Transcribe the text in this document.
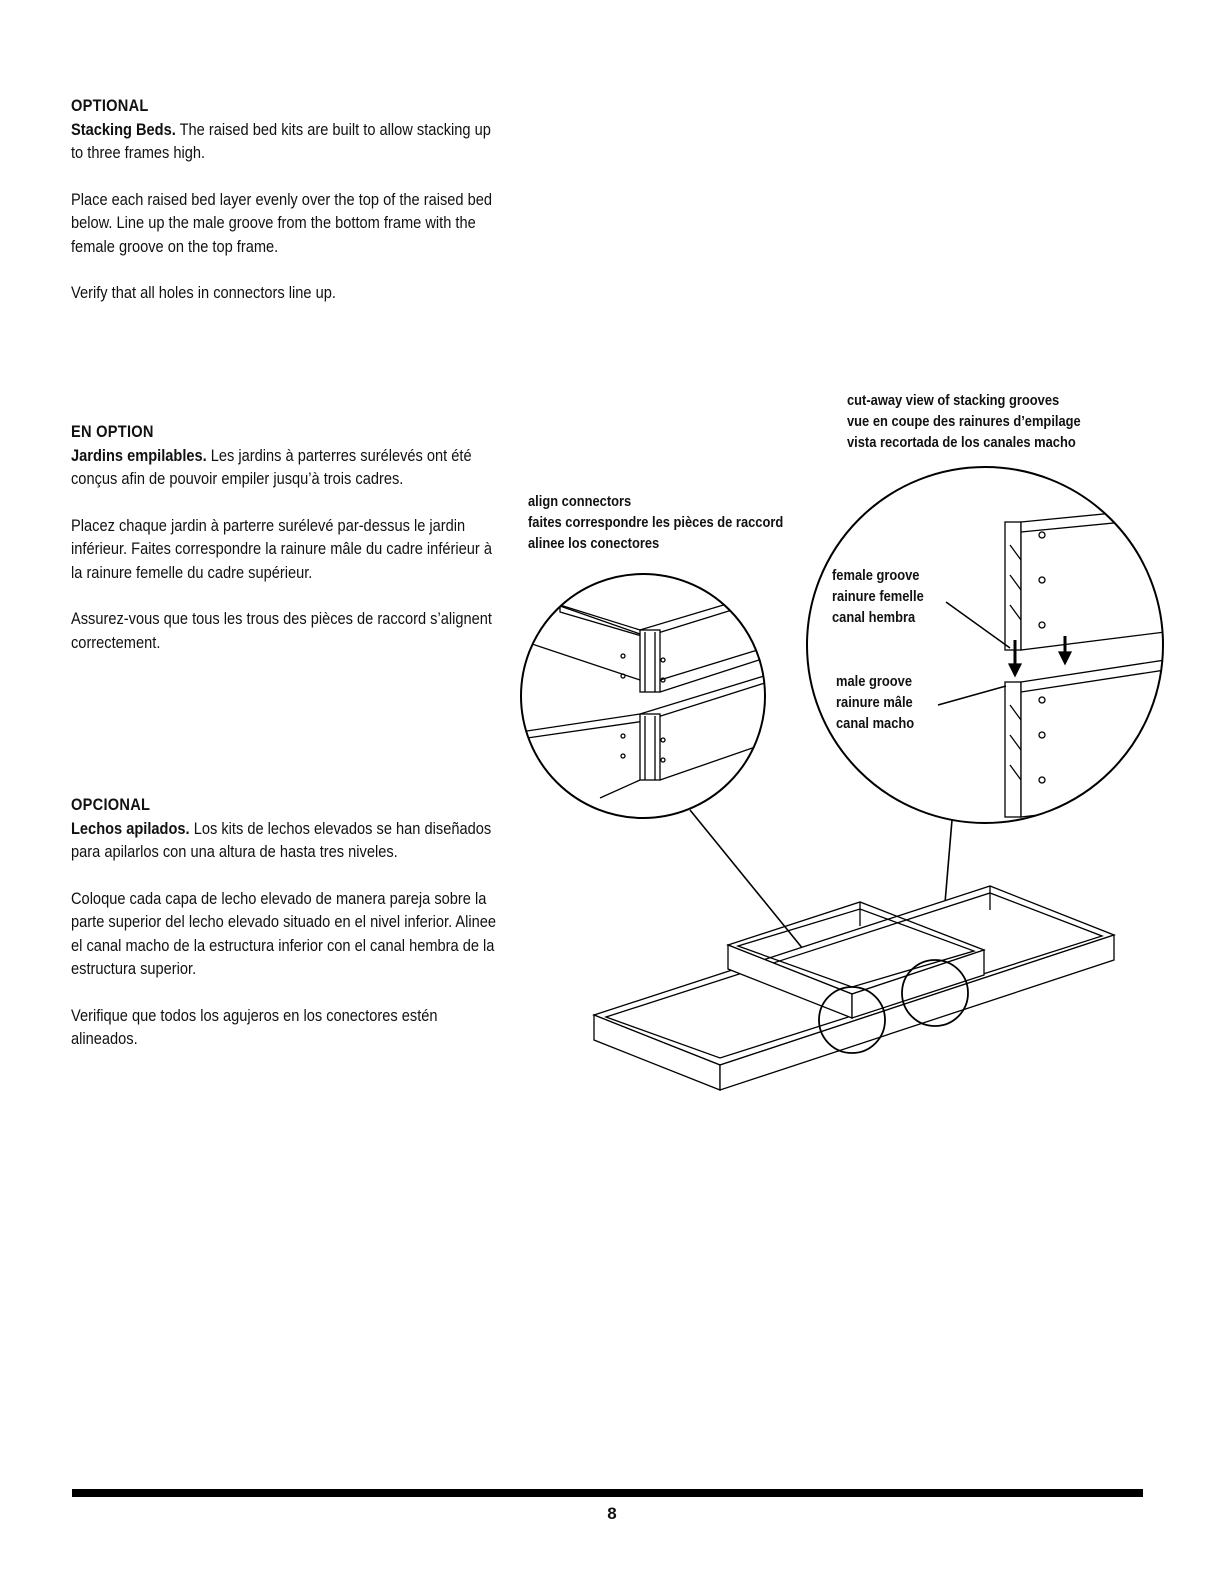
OPTIONAL

Stacking Beds. The raised bed kits are built to allow stacking up to three frames high.

Place each raised bed layer evenly over the top of the raised bed below. Line up the male groove from the bottom frame with the female groove on the top frame.

Verify that all holes in connectors line up.

EN OPTION

Jardins empilables. Les jardins à parterres surélevés ont été conçus afin de pouvoir empiler jusqu’à trois cadres.

Placez chaque jardin à parterre surélevé par-dessus le jardin inférieur. Faites correspondre la rainure mâle du cadre inférieur à la rainure femelle du cadre supérieur.

Assurez-vous que tous les trous des pièces de raccord s’alignent correctement.

OPCIONAL

Lechos apilados. Los kits de lechos elevados se han diseñados para apilarlos con una altura de hasta tres niveles.

Coloque cada capa de lecho elevado de manera pareja sobre la parte superior del lecho elevado situado en el nivel inferior. Alinee el canal macho de la estructura inferior con el canal hembra de la estructura superior.

Verifique que todos los agujeros en los conectores estén alineados.

cut-away view of stacking grooves
vue en coupe des rainures d’empilage
vista recortada de los canales macho
align connectors
faites correspondre les pièces de raccord
alinee los conectores
female groove
rainure femelle
canal hembra
male groove
rainure mâle
canal macho
8
